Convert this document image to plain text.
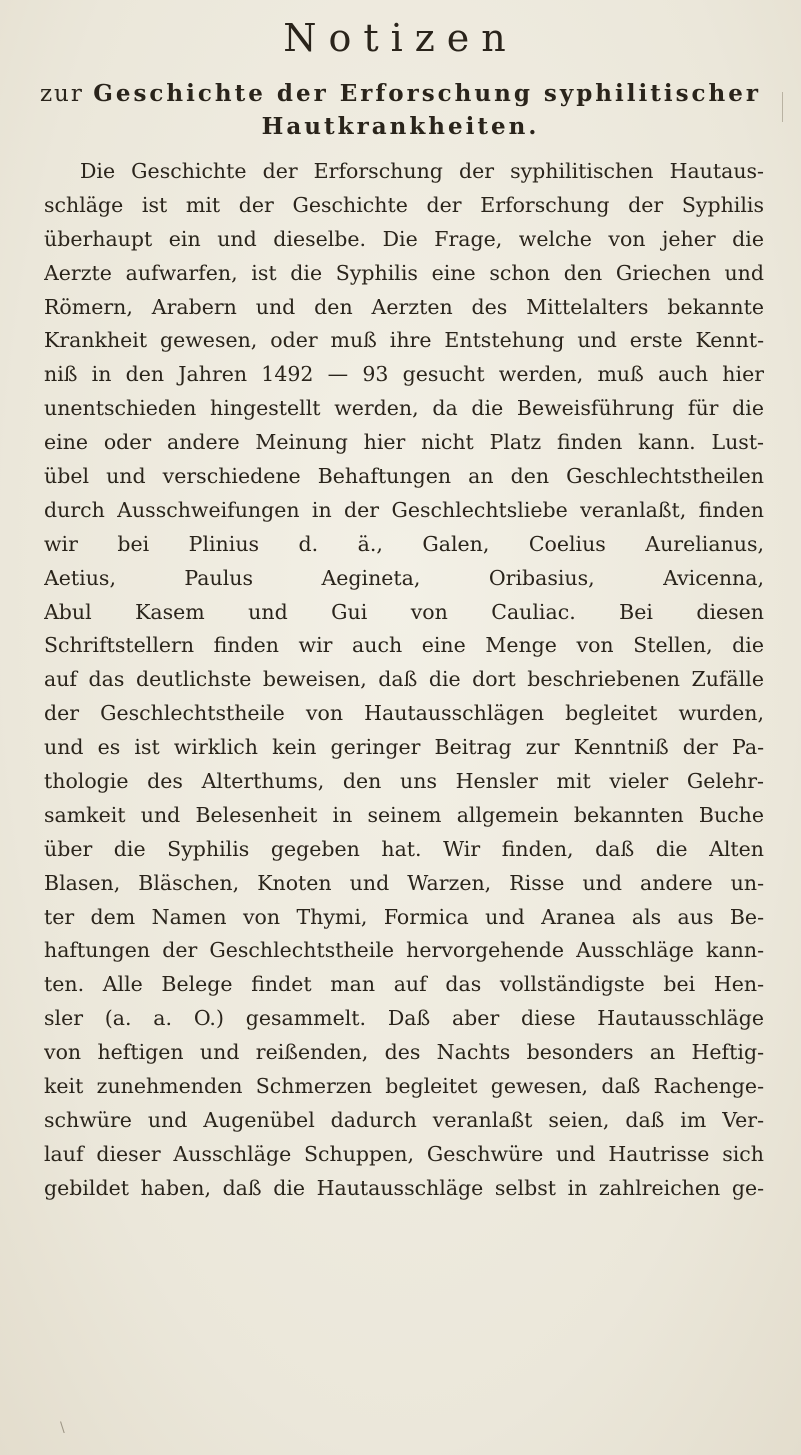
Notizen
zur Geschichte der Erforschung syphilitischer
Hautkrankheiten.
Die Geschichte der Erforschung der syphilitischen Hautaus-
schläge ist mit der Geschichte der Erforschung der Syphilis
überhaupt ein und dieselbe. Die Frage, welche von jeher die
Aerzte aufwarfen, ist die Syphilis eine schon den Griechen und
Römern, Arabern und den Aerzten des Mittelalters bekannte
Krankheit gewesen, oder muß ihre Entstehung und erste Kennt-
niß in den Jahren 1492 — 93 gesucht werden, muß auch hier
unentschieden hingestellt werden, da die Beweisführung für die
eine oder andere Meinung hier nicht Platz finden kann. Lust-
übel und verschiedene Behaftungen an den Geschlechtstheilen
durch Ausschweifungen in der Geschlechtsliebe veranlaßt, finden
wir bei Plinius d. ä., Galen, Coelius Aurelianus,
Aetius, Paulus Aegineta, Oribasius, Avicenna,
Abul Kasem und Gui von Cauliac. Bei diesen
Schriftstellern finden wir auch eine Menge von Stellen, die
auf das deutlichste beweisen, daß die dort beschriebenen Zufälle
der Geschlechtstheile von Hautausschlägen begleitet wurden,
und es ist wirklich kein geringer Beitrag zur Kenntniß der Pa-
thologie des Alterthums, den uns Hensler mit vieler Gelehr-
samkeit und Belesenheit in seinem allgemein bekannten Buche
über die Syphilis gegeben hat. Wir finden, daß die Alten
Blasen, Bläschen, Knoten und Warzen, Risse und andere un-
ter dem Namen von Thymi, Formica und Aranea als aus Be-
haftungen der Geschlechtstheile hervorgehende Ausschläge kann-
ten. Alle Belege findet man auf das vollständigste bei Hen-
sler (a. a. O.) gesammelt. Daß aber diese Hautausschläge
von heftigen und reißenden, des Nachts besonders an Heftig-
keit zunehmenden Schmerzen begleitet gewesen, daß Rachenge-
schwüre und Augenübel dadurch veranlaßt seien, daß im Ver-
lauf dieser Ausschläge Schuppen, Geschwüre und Hautrisse sich
gebildet haben, daß die Hautausschläge selbst in zahlreichen ge-
\
